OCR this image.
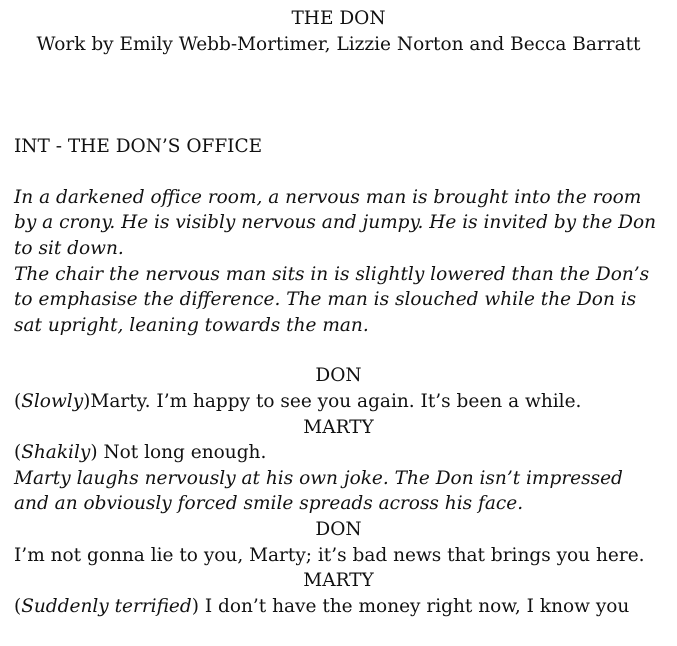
THE DON

Work by Emily Webb-Mortimer, Lizzie Norton and Becca Barratt

INT - THE DON’S OFFICE

In a darkened office room, a nervous man is brought into the room by a crony. He is visibly nervous and jumpy. He is invited by the Don to sit down.

The chair the nervous man sits in is slightly lowered than the Don’s to emphasise the difference. The man is slouched while the Don is sat upright, leaning towards the man.

DON

(Slowly)Marty. I’m happy to see you again. It’s been a while.

MARTY

(Shakily) Not long enough.

Marty laughs nervously at his own joke. The Don isn’t impressed and an obviously forced smile spreads across his face.

DON

I’m not gonna lie to you, Marty; it’s bad news that brings you here.

MARTY

(Suddenly terrified) I don’t have the money right now, I know you
